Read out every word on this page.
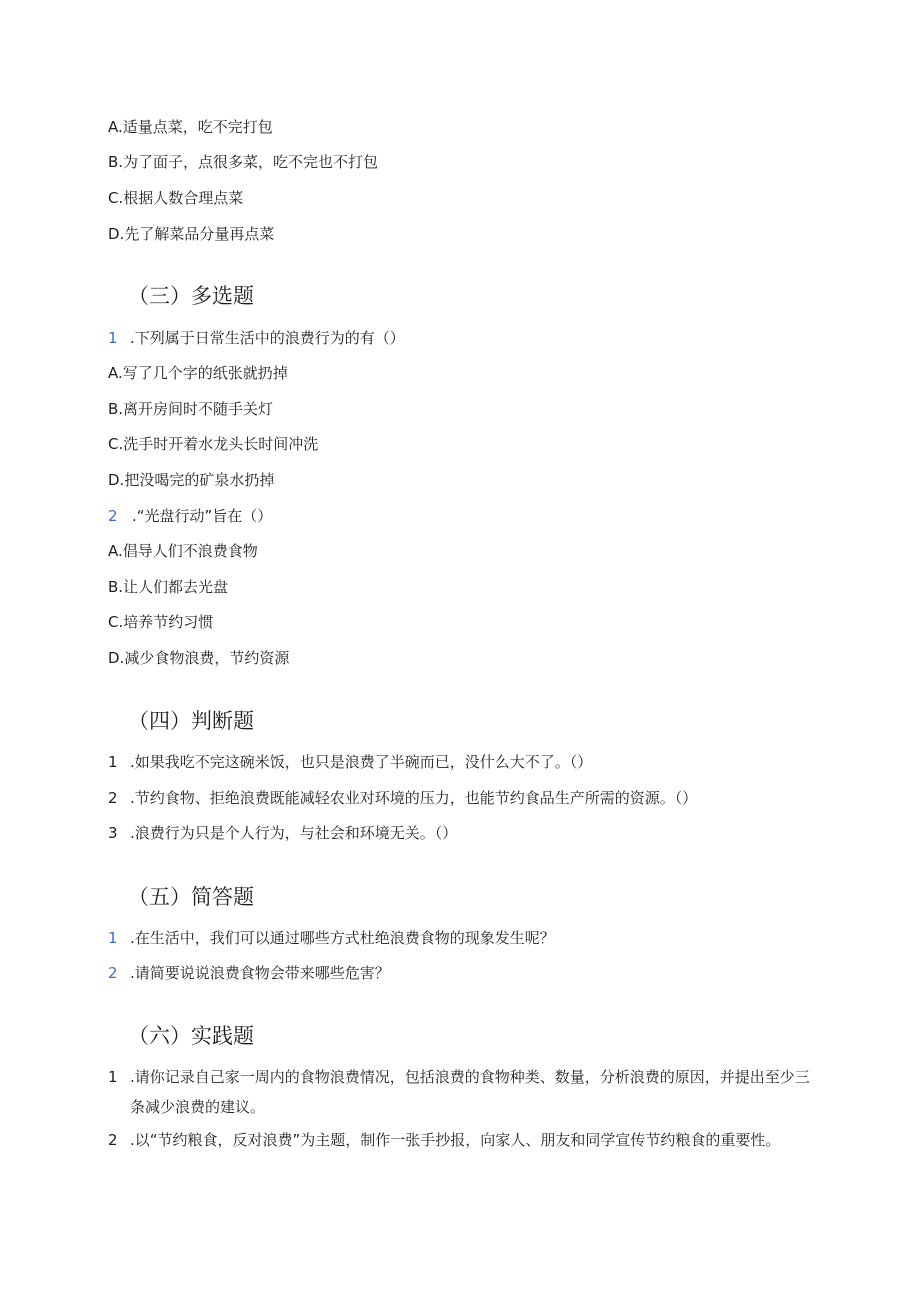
A.适量点菜，吃不完打包
B.为了面子，点很多菜，吃不完也不打包
C.根据人数合理点菜
D.先了解菜品分量再点菜
（三）多选题
1 .下列属于日常生活中的浪费行为的有（）
A.写了几个字的纸张就扔掉
B.离开房间时不随手关灯
C.洗手时开着水龙头长时间冲洗
D.把没喝完的矿泉水扔掉
2 .“光盘行动”旨在（）
A.倡导人们不浪费食物
B.让人们都去光盘
C.培养节约习惯
D.减少食物浪费，节约资源
（四）判断题
1 .如果我吃不完这碗米饭，也只是浪费了半碗而已，没什么大不了。（）
2 .节约食物、拒绝浪费既能减轻农业对环境的压力，也能节约食品生产所需的资源。（）
3 .浪费行为只是个人行为，与社会和环境无关。（）
（五）简答题
1 .在生活中，我们可以通过哪些方式杜绝浪费食物的现象发生呢？
2 .请简要说说浪费食物会带来哪些危害？
（六）实践题
1 .请你记录自己家一周内的食物浪费情况，包括浪费的食物种类、数量，分析浪费的原因，并提出至少三条减少浪费的建议。
2 .以“节约粮食，反对浪费”为主题，制作一张手抄报，向家人、朋友和同学宣传节约粮食的重要性。
